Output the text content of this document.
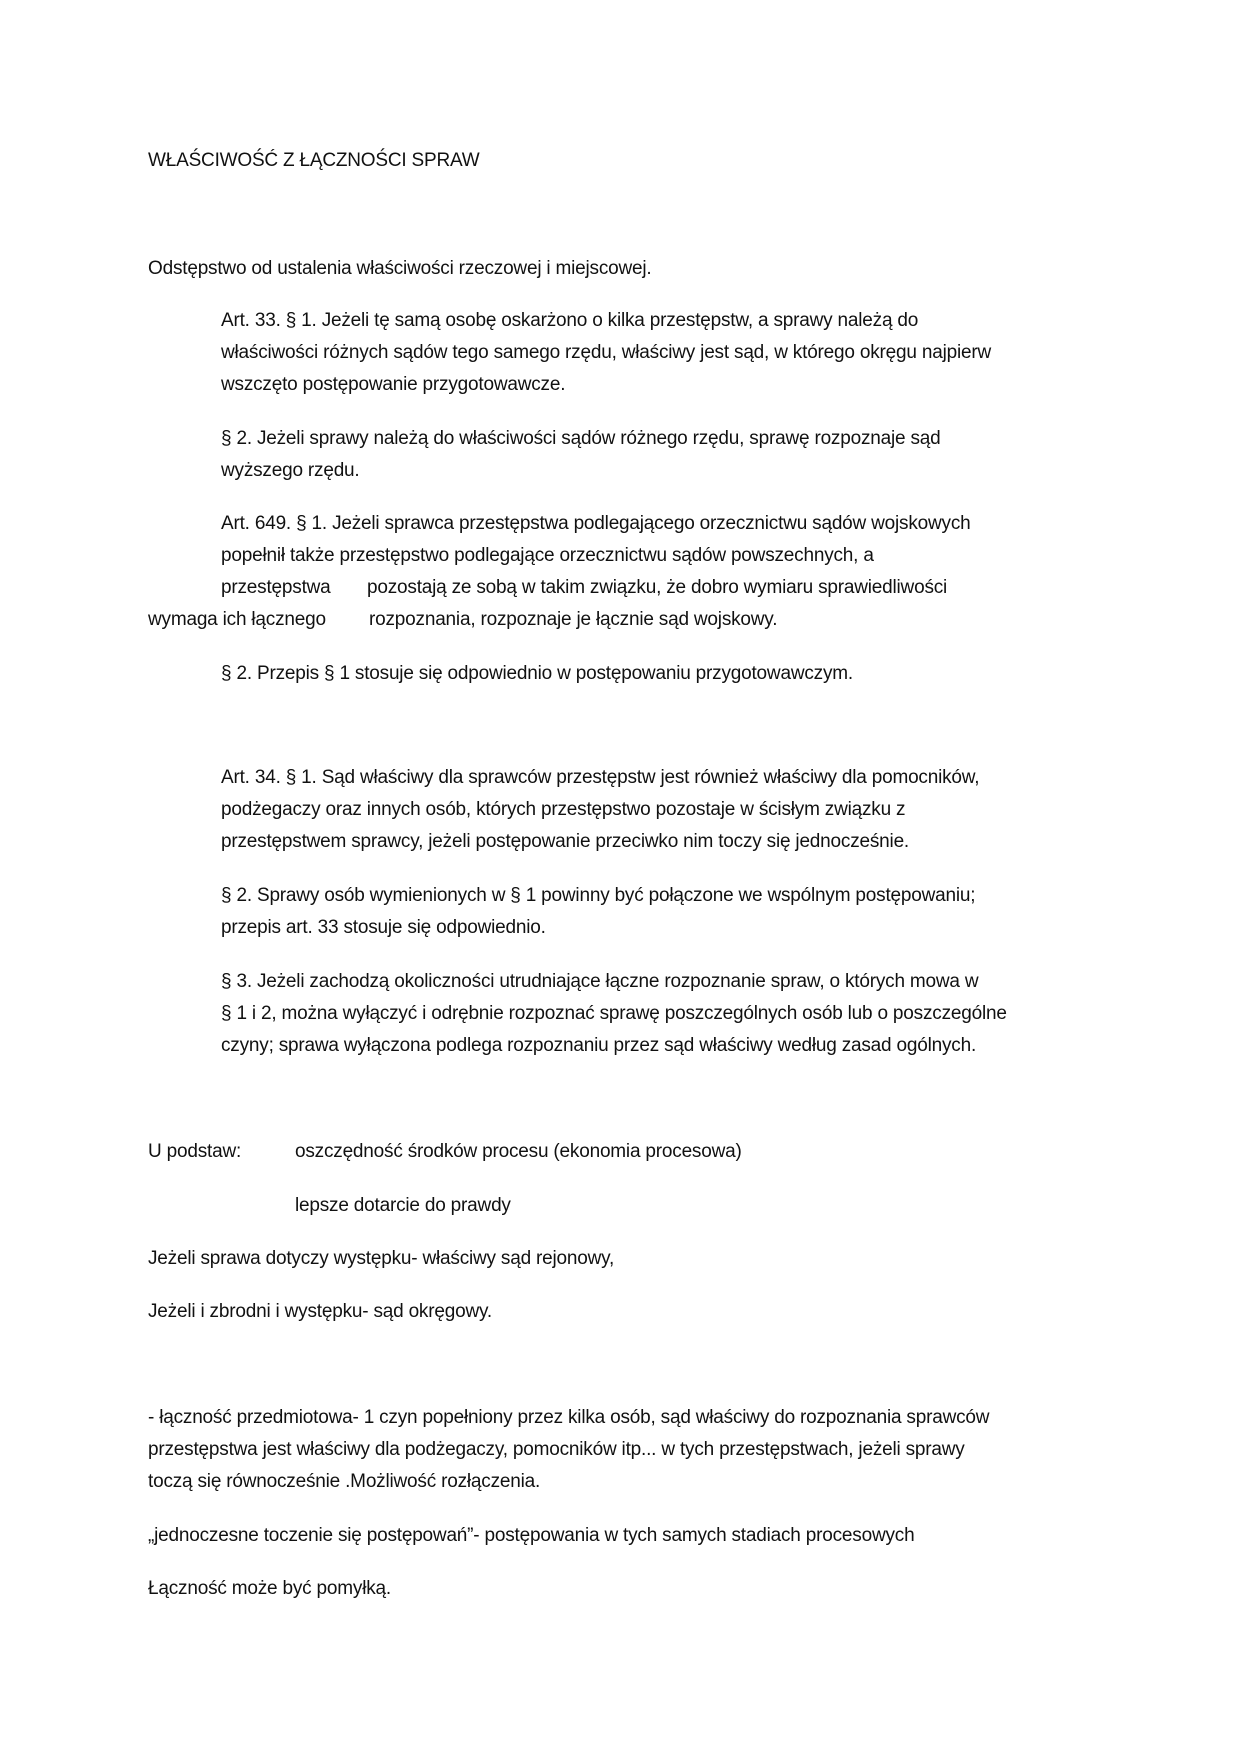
WŁAŚCIWOŚĆ Z ŁĄCZNOŚCI SPRAW
Odstępstwo od ustalenia właściwości rzeczowej i miejscowej.
Art. 33. § 1. Jeżeli tę samą osobę oskarżono o kilka przestępstw, a sprawy należą do
właściwości różnych sądów tego samego rzędu, właściwy jest sąd, w którego okręgu najpierw
wszczęto postępowanie przygotowawcze.
§ 2. Jeżeli sprawy należą do właściwości sądów różnego rzędu, sprawę rozpoznaje sąd
wyższego rzędu.
Art. 649. § 1. Jeżeli sprawca przestępstwa podlegającego orzecznictwu sądów wojskowych
popełnił także przestępstwo podlegające orzecznictwu sądów powszechnych, a
przestępstwa pozostają ze sobą w takim związku, że dobro wymiaru sprawiedliwości
wymaga ich łącznego rozpoznania, rozpoznaje je łącznie sąd wojskowy.
§ 2. Przepis § 1 stosuje się odpowiednio w postępowaniu przygotowawczym.
Art. 34. § 1. Sąd właściwy dla sprawców przestępstw jest również właściwy dla pomocników,
podżegaczy oraz innych osób, których przestępstwo pozostaje w ścisłym związku z
przestępstwem sprawcy, jeżeli postępowanie przeciwko nim toczy się jednocześnie.
§ 2. Sprawy osób wymienionych w § 1 powinny być połączone we wspólnym postępowaniu;
przepis art. 33 stosuje się odpowiednio.
§ 3. Jeżeli zachodzą okoliczności utrudniające łączne rozpoznanie spraw, o których mowa w
§ 1 i 2, można wyłączyć i odrębnie rozpoznać sprawę poszczególnych osób lub o poszczególne
czyny; sprawa wyłączona podlega rozpoznaniu przez sąd właściwy według zasad ogólnych.
U podstaw:	oszczędność środków procesu (ekonomia procesowa)
lepsze dotarcie do prawdy
Jeżeli sprawa dotyczy występku- właściwy sąd rejonowy,
Jeżeli i zbrodni i występku- sąd okręgowy.
- łączność przedmiotowa- 1 czyn popełniony przez kilka osób, sąd właściwy do rozpoznania sprawców
przestępstwa jest właściwy dla podżegaczy, pomocników itp... w tych przestępstwach, jeżeli sprawy
toczą się równocześnie .Możliwość rozłączenia.
„jednoczesne toczenie się postępowań”- postępowania w tych samych stadiach procesowych
Łączność może być pomyłką.
